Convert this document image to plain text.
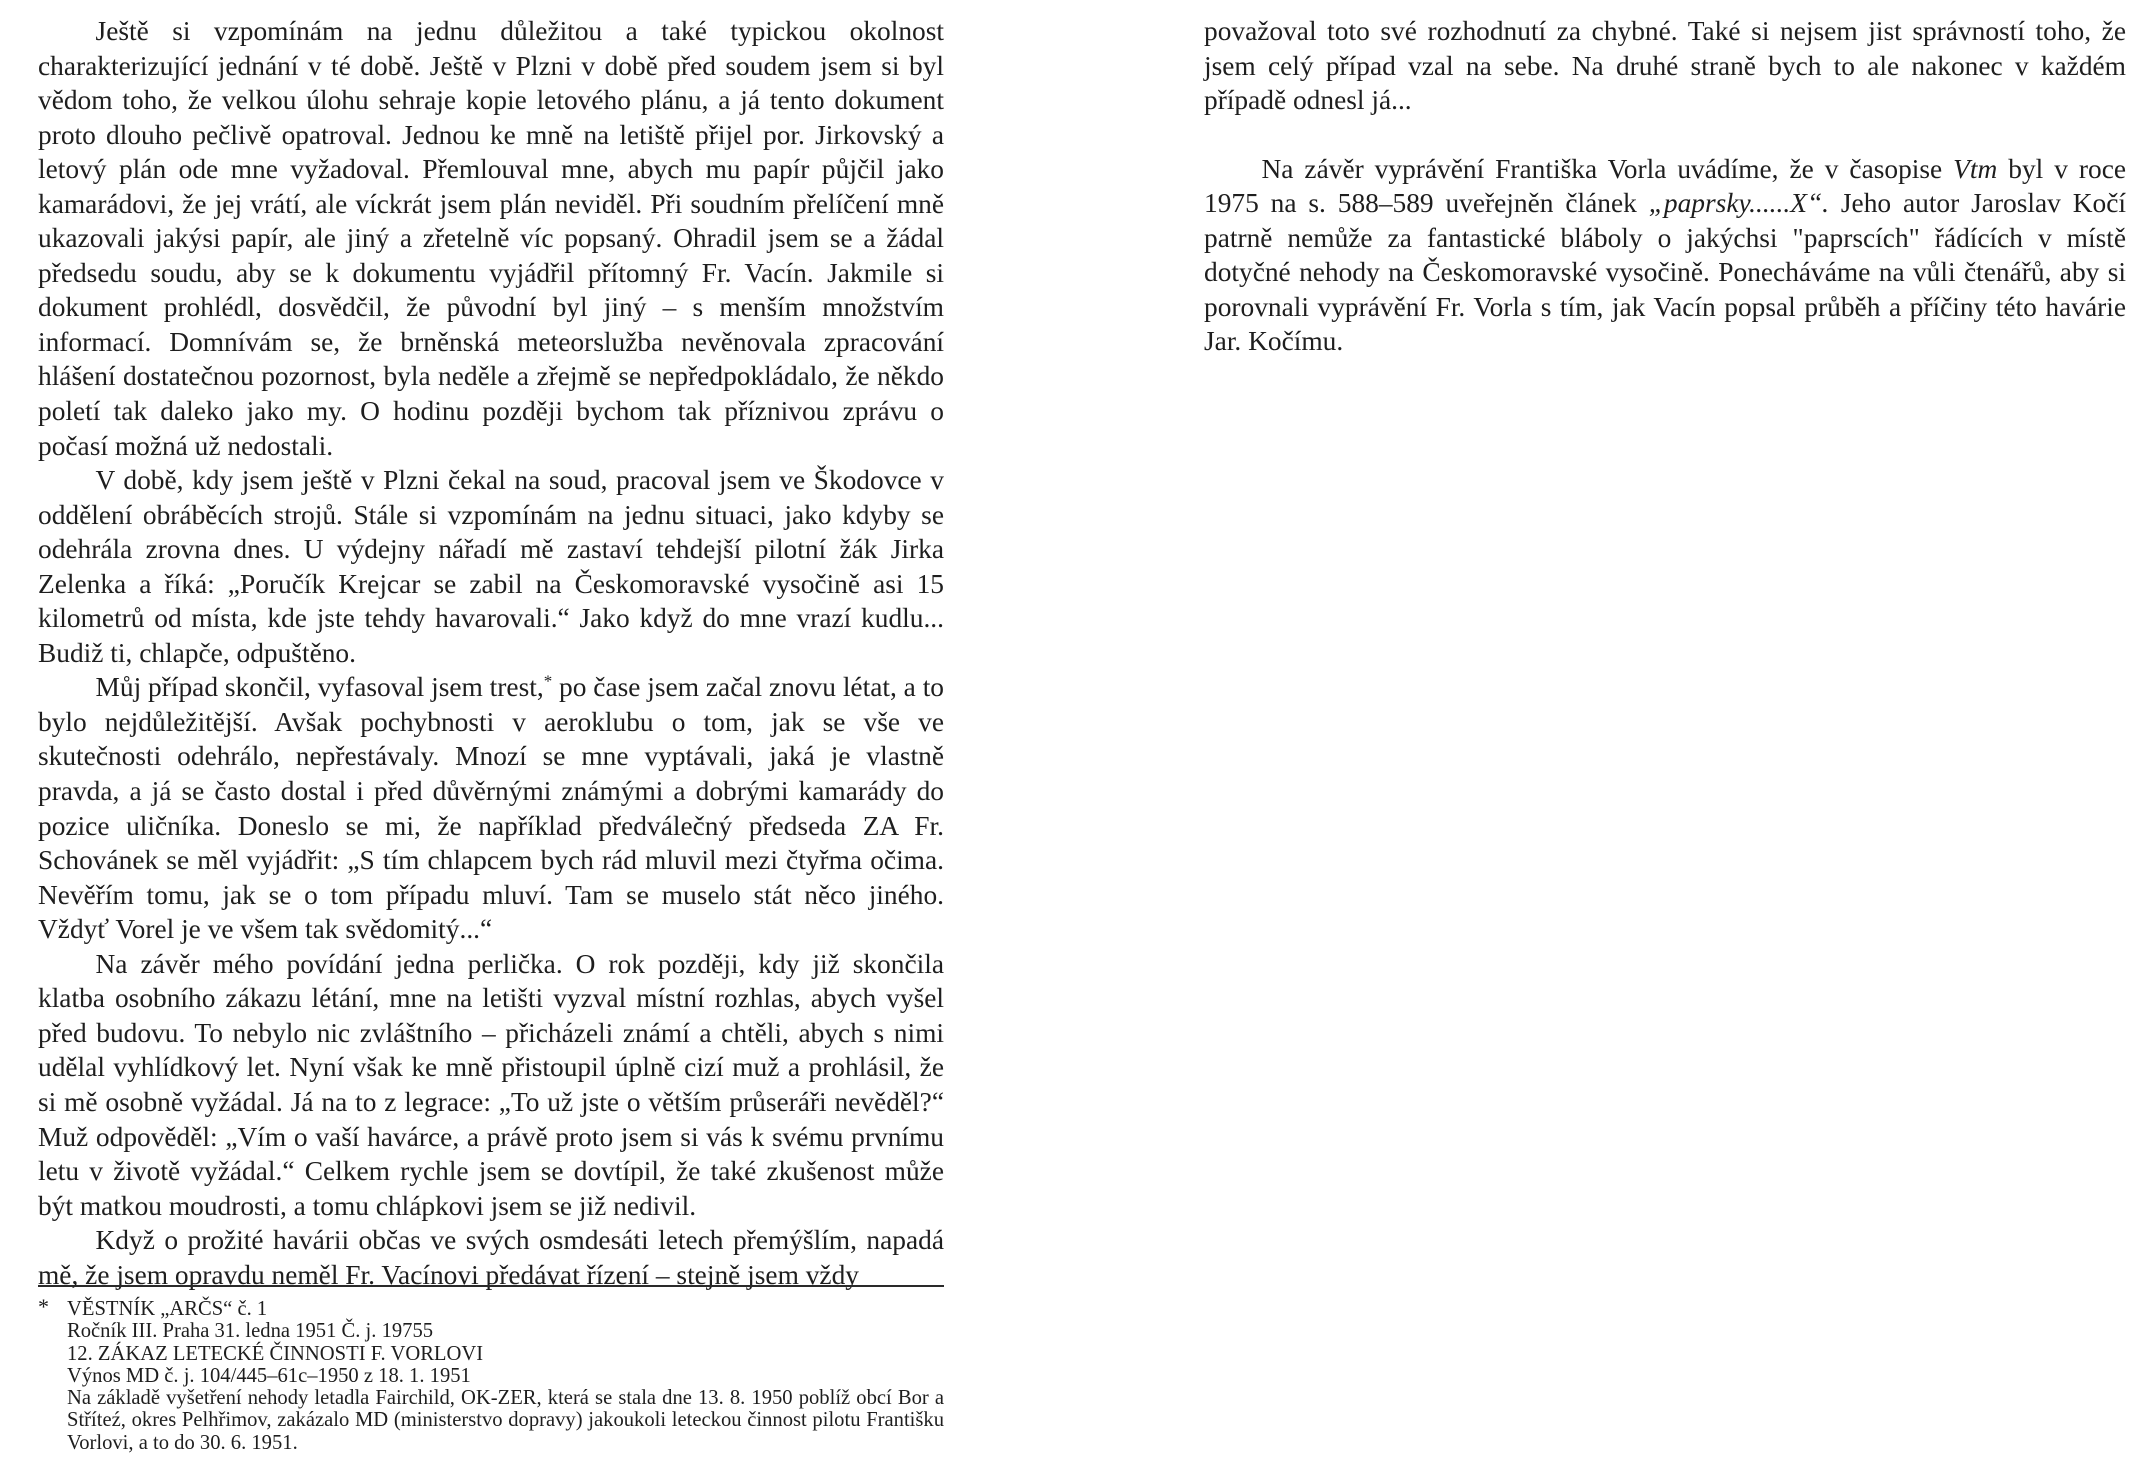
Ještě si vzpomínám na jednu důležitou a také typickou okolnost charakterizující jednání v té době. Ještě v Plzni v době před soudem jsem si byl vědom toho, že velkou úlohu sehraje kopie letového plánu, a já tento dokument proto dlouho pečlivě opatroval. Jednou ke mně na letiště přijel por. Jirkovský a letový plán ode mne vyžadoval. Přemlouval mne, abych mu papír půjčil jako kamarádovi, že jej vrátí, ale víckrát jsem plán neviděl. Při soudním přelíčení mně ukazovali jakýsi papír, ale jiný a zřetelně víc popsaný. Ohradil jsem se a žádal předsedu soudu, aby se k dokumentu vyjádřil přítomný Fr. Vacín. Jakmile si dokument prohlédl, dosvědčil, že původní byl jiný – s menším množstvím informací. Domnívám se, že brněnská meteorslužba nevěnovala zpracování hlášení dostatečnou pozornost, byla neděle a zřejmě se nepředpokládalo, že někdo poletí tak daleko jako my. O hodinu později bychom tak příznivou zprávu o počasí možná už nedostali.

V době, kdy jsem ještě v Plzni čekal na soud, pracoval jsem ve Škodovce v oddělení obráběcích strojů. Stále si vzpomínám na jednu situaci, jako kdyby se odehrála zrovna dnes. U výdejny nářadí mě zastaví tehdejší pilotní žák Jirka Zelenka a říká: „Poručík Krejcar se zabil na Českomoravské vysočině asi 15 kilometrů od místa, kde jste tehdy havarovali.“ Jako když do mne vrazí kudlu... Budiž ti, chlapče, odpuštěno.

Můj případ skončil, vyfasoval jsem trest,* po čase jsem začal znovu létat, a to bylo nejdůležitější. Avšak pochybnosti v aeroklubu o tom, jak se vše ve skutečnosti odehrálo, nepřestávaly. Mnozí se mne vyptávali, jaká je vlastně pravda, a já se často dostal i před důvěrnými známými a dobrými kamarády do pozice uličníka. Doneslo se mi, že například předválečný předseda ZA Fr. Schovánek se měl vyjádřit: „S tím chlapcem bych rád mluvil mezi čtyřma očima. Nevěřím tomu, jak se o tom případu mluví. Tam se muselo stát něco jiného. Vždyť Vorel je ve všem tak svědomitý...“

Na závěr mého povídání jedna perlička. O rok později, kdy již skončila klatba osobního zákazu létání, mne na letišti vyzval místní rozhlas, abych vyšel před budovu. To nebylo nic zvláštního – přicházeli známí a chtěli, abych s nimi udělal vyhlídkový let. Nyní však ke mně přistoupil úplně cizí muž a prohlásil, že si mě osobně vyžádal. Já na to z legrace: „To už jste o větším průseráři nevěděl?“ Muž odpověděl: „Vím o vaší havárce, a právě proto jsem si vás k svému prvnímu letu v životě vyžádal.“ Celkem rychle jsem se dovtípil, že také zkušenost může být matkou moudrosti, a tomu chlápkovi jsem se již nedivil.

Když o prožité havárii občas ve svých osmdesáti letech přemýšlím, napadá mě, že jsem opravdu neměl Fr. Vacínovi předávat řízení – stejně jsem vždy

považoval toto své rozhodnutí za chybné. Také si nejsem jist správností toho, že jsem celý případ vzal na sebe. Na druhé straně bych to ale nakonec v každém případě odnesl já...

Na závěr vyprávění Františka Vorla uvádíme, že v časopise Vtm byl v roce 1975 na s. 588–589 uveřejněn článek „paprsky......X“. Jeho autor Jaroslav Kočí patrně nemůže za fantastické bláboly o jakýchsi "paprscích" řádících v místě dotyčné nehody na Českomoravské vysočině. Ponecháváme na vůli čtenářů, aby si porovnali vyprávění Fr. Vorla s tím, jak Vacín popsal průběh a příčiny této havárie Jar. Kočímu.

* VĚSTNÍK „ARČS“ č. 1
Ročník III. Praha 31. ledna 1951 Č. j. 19755
12. ZÁKAZ LETECKÉ ČINNOSTI F. VORLOVI
Výnos MD č. j. 104/445–61c–1950 z 18. 1. 1951
Na základě vyšetření nehody letadla Fairchild, OK-ZER, která se stala dne 13. 8. 1950 poblíž obcí Bor a Stříteź, okres Pelhřimov, zakázalo MD (ministerstvo dopravy) jakoukoli leteckou činnost pilotu Františku Vorlovi, a to do 30. 6. 1951.
